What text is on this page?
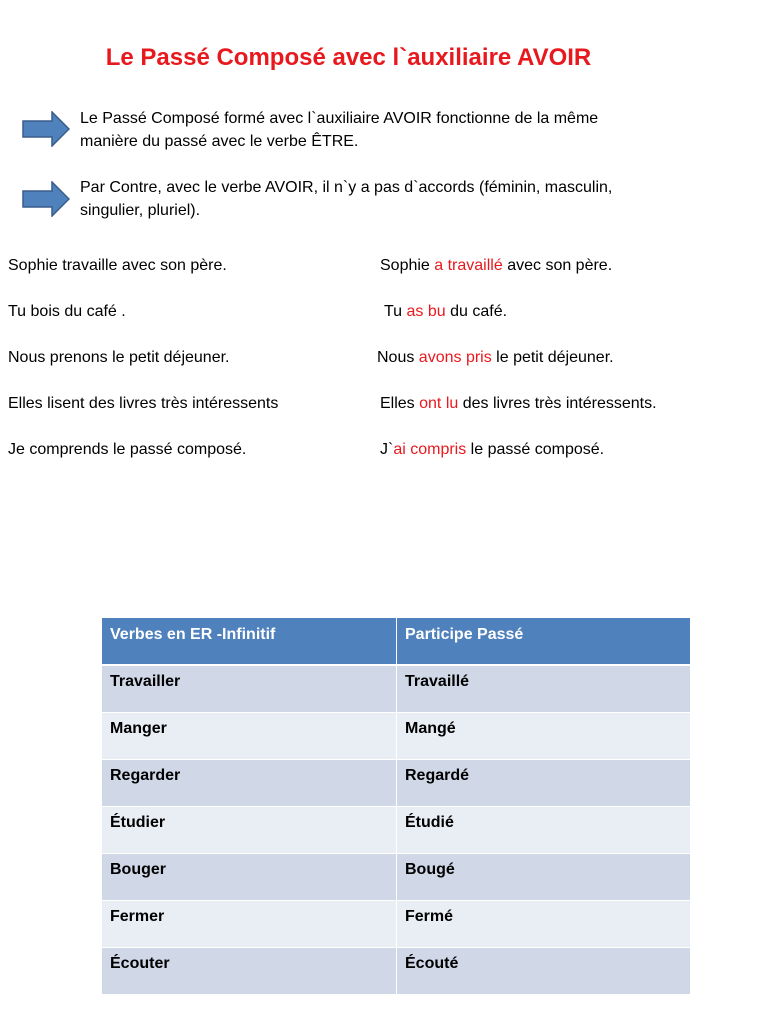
Le Passé Composé avec l`auxiliaire AVOIR
Le Passé Composé formé avec l`auxiliaire AVOIR fonctionne de la même
manière du passé avec le verbe ÊTRE.
Par Contre, avec le verbe AVOIR, il n`y a pas d`accords (féminin, masculin,
singulier, pluriel).
Sophie travaille avec son père.	Sophie a travaillé avec son père.
Tu bois du café .	Tu as bu du café.
Nous prenons le petit déjeuner.	Nous avons pris le petit déjeuner.
Elles lisent des livres très intéressents	Elles ont lu des livres très intéressents.
Je comprends le passé composé.	J`ai compris le passé composé.
Verbes en ER -Infinitif	Participe Passé
Travailler	Travaillé
Manger	Mangé
Regarder	Regardé
Étudier	Étudié
Bouger	Bougé
Fermer	Fermé
Écouter	Écouté
